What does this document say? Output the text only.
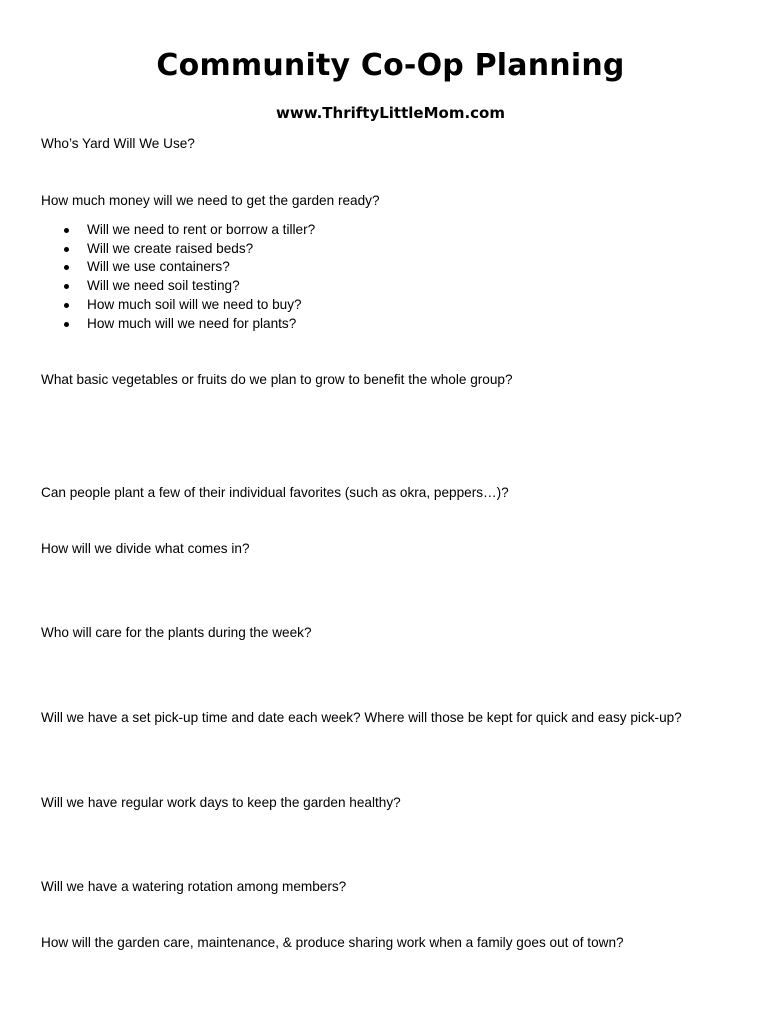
Community Co-Op Planning
www.ThriftyLittleMom.com

Who’s Yard Will We Use?

How much money will we need to get the garden ready?

Will we need to rent or borrow a tiller?
Will we create raised beds?
Will we use containers?
Will we need soil testing?
How much soil will we need to buy?
How much will we need for plants?

What basic vegetables or fruits do we plan to grow to benefit the whole group?

Can people plant a few of their individual favorites (such as okra, peppers…)?

How will we divide what comes in?

Who will care for the plants during the week?

Will we have a set pick-up time and date each week? Where will those be kept for quick and easy pick-up?

Will we have regular work days to keep the garden healthy?

Will we have a watering rotation among members?

How will the garden care, maintenance, & produce sharing work when a family goes out of town?
